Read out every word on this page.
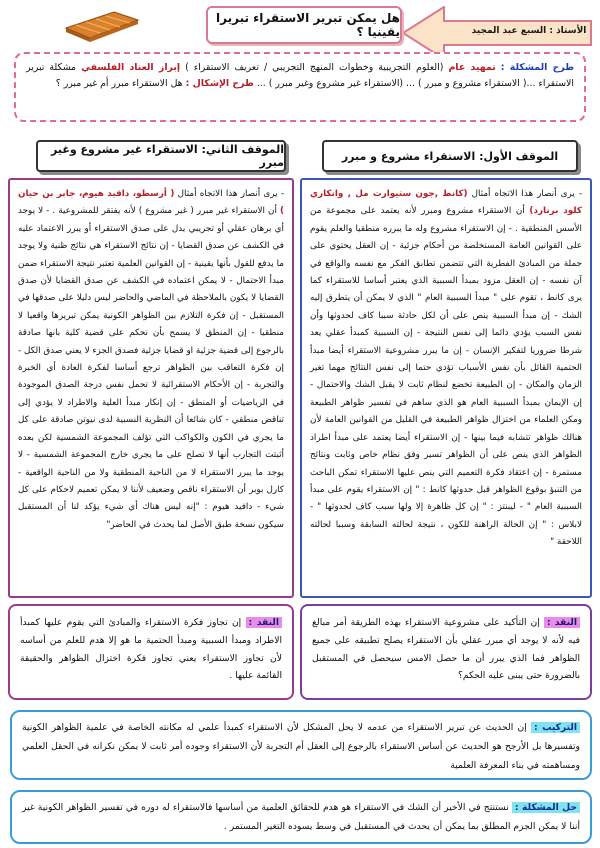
الأستاذ : السبع عبد المجيد
هل يمكن تبرير الاستقراء تبريرا يقينيا ؟
طرح المشكلة : تمهيد عام (العلوم التجريبية وخطوات المنهج التجريبي / تعريف الاستقراء ) إبراز العناد الفلسفي مشكلة تبرير الاستقراء ...( الاستقراء مشروع و مبرر ) ... (الاستقراء غير مشروع وغير مبرر ) ... طرح الإشكال : هل الاستقراء مبرر أم غير مبرر ؟
الموقف الأول: الاستقراء مشروع و مبرر
الموقف الثاني: الاستقراء غير مشروع وغير مبرر
- يرى أنصار هذا الاتجاه أمثال (كانط ,جون ستيوارت مل , وانكاري كلود برنارد) أن الاستقراء مشروع ومبرر لأنه يعتمد على مجموعة من الأسس المنطقية . - إن الاستقراء مشروع وله ما يبرره منطقيا والعلم يقوم على القوانين العامة المستخلصة من أحكام جزئية - إن العقل يحتوي على جملة من المبادئ الفطرية التي تتضمن تطابق الفكر مع نفسه والواقع في آن نفسه - إن العقل مزود بمبدأ السببية الذي يعتبر أساسا للاستقراء كما يرى كانط ، تقوم على " مبدأ السببية العام " الذي لا يمكن أن يتطرق إليه الشك - إن مبدأ السببية ينص على أن لكل حادثة سببا كاف لحدوثها وأن نفس السبب يؤدي دائما إلى نفس النتيجة - إن السببية كمبدأ عقلي يعد شرطا ضروريا لتفكير الإنسان - إن ما يبرر مشروعية الاستقراء أيضا مبدأ الحتمية القائل بأن نفس الأسباب تؤدي حتما إلى نفس النتائج مهما تغير الزمان والمكان - إن الطبيعة تخضع لنظام ثابت لا يقبل الشك والاحتمال - إن الإيمان بمبدأ السببية العام هو الذي ساهم في تفسير ظواهر الطبيعة ومكن العلماء من اختزال ظواهر الطبيعة في القليل من القوانين العامة لأن هنالك ظواهر تتشابه فيما بينها - إن الاستقراء أيضا يعتمد على مبدأ اطراد الظواهر الذي ينص على أن الظواهر تسير وفق نظام خاص وثابت ونتائج مستمرة - إن اعتقاد فكرة التعميم التي ينص عليها الاستقراء تمكن الباحث من التنبؤ بوقوع الظواهر قبل حدوثها كانط : " إن الاستقراء يقوم على مبدأ السببية العام " - ليبنتز : " إن كل ظاهرة إلا ولها سبب كاف لحدوثها " - لابلاس : " إن الحالة الراهنة للكون ، نتيجة لحالته السابقة وسببا لحالته اللاحقة "
- يرى أنصار هذا الاتجاه أمثال ( أرسطو، دافيد هيوم، جابر بن حيان ) أن الاستقراء غير مبرر ( غير مشروع ) لأنه يفتقر للمشروعية . - لا يوجد أي برهان عقلي أو تجريبي يدل على صدق الاستقراء أو يبرر الاعتماد عليه في الكشف عن صدق القضايا - إن نتائج الاستقراء هي نتائج ظنية ولا يوجد ما يدفع للقول بأنها يقينية - إن القوانين العلمية تعتبر نتيجة الاستقراء ضمن مبدأ الاحتمال - لا يمكن اعتماده في الكشف عن صدق القضايا لأن صدق القضايا لا يكون بالملاحظة في الماضي والحاضر ليس دليلا على صدقها في المستقبل - إن فكرة التلازم بين الظواهر الكونية يمكن تبريرها واقعيا لا منطقيا - إن المنطق لا يسمح بأن نحكم على قضية كلية بانها صادقة بالرجوع إلى قضية جزئية او قضايا جزئية فصدق الجزء لا يعني صدق الكل - إن فكرة التعاقب بين الظواهر ترجع أساسا لفكرة العادة أي الخبرة والتجربة - إن الأحكام الاستقرائية لا تحمل نفس درجة الصدق الموجودة في الرياضيات أو المنطق - إن إنكار مبدأ العلية والاطراد لا يؤدي إلى تناقض منطقي - كان شائعا أن النظرية النسبية لدى نيوتن صادقة على كل ما يجري في الكون والكواكب التي تؤلف المجموعة الشمسية لكن بعده أثبتت التجارب أنها لا تصلح على ما يجري خارج المجموعة الشمسية - لا يوجد ما يبرر الاستقراء لا من الناحية المنطقية ولا من الناحية الواقعية - كارل بوبر أن الاستقراء ناقص وضعيف لأننا لا يمكن تعميم لاحكام على كل شيء - دافيد هيوم : "إنه ليس هناك أي شيء يؤكد لنا أن المستقبل سيكون نسخة طبق الأصل لما يحدث في الحاضر"
النقد : إن التأكيد على مشروعية الاستقراء بهذه الطريقة أمر مبالغ فيه لأنه لا يوجد أي مبرر عقلي بأن الاستقراء يصلح تطبيقه على جميع الظواهر فما الذي يبرر أن ما حصل الامس سيحصل في المستقبل بالضرورة حتى يبنى عليه الحكم؟
النقد : إن تجاوز فكرة الاستقراء والمبادئ التي يقوم عليها كمبدأ الاطراد ومبدأ السببية ومبدأ الحتمية ما هو إلا هدم للعلم من أساسه لأن تجاوز الاستقراء يعني تجاوز فكرة اختزال الظواهر والحقيقة القائمة عليها .
التركيب : إن الحديث عن تبرير الاستقراء من عدمه لا يحل المشكل لأن الاستقراء كمبدأ علمي له مكانته الخاصة في علمية الظواهر الكونية وتفسيرها بل الأرجح هو الحديث عن أساس الاستقراء بالرجوع إلى العقل أم التجربة لأن الاستقراء وجوده أمر ثابت لا يمكن نكرانه في الحقل العلمي ومساهمته في بناء المعرفة العلمية
حل المشكلة : نستنتج في الأخير أن الشك في الاستقراء هو هدم للحقائق العلمية من أساسها فالاستقراء له دوره في تفسير الظواهر الكونية غير أننا لا يمكن الجزم المطلق بما يمكن أن يحدث في المستقبل في وسط يسوده التغير المستمر .
